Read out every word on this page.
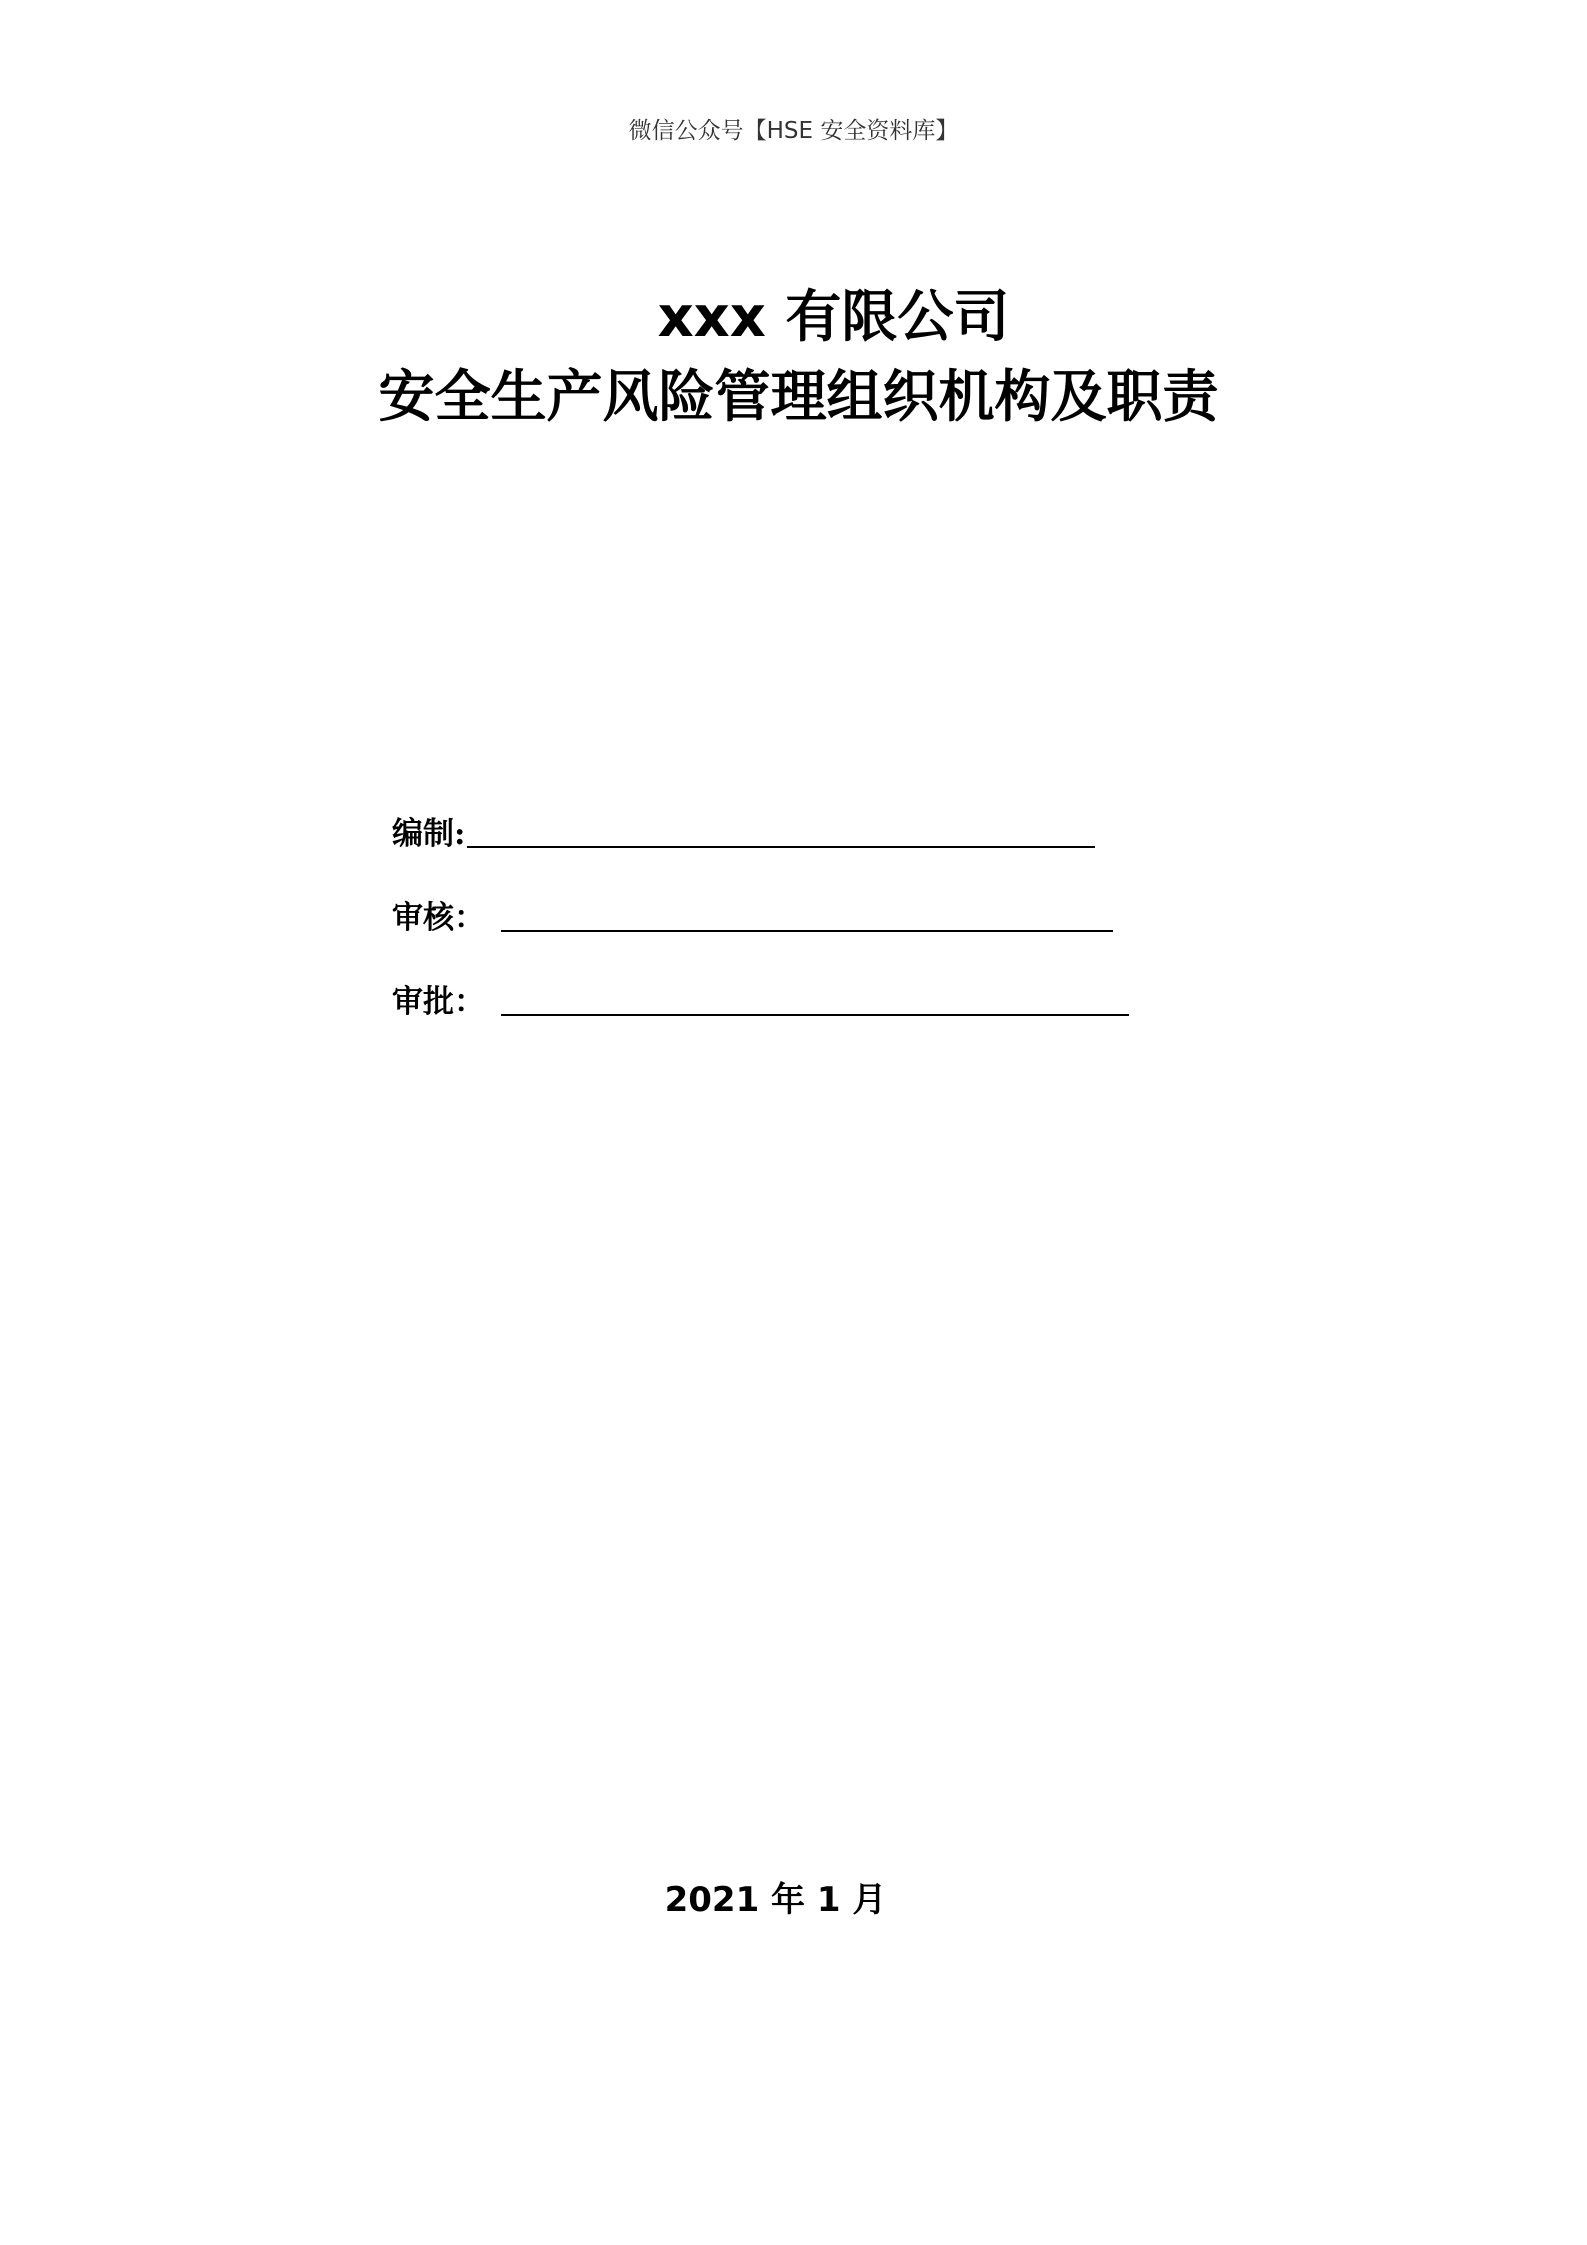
微信公众号【HSE 安全资料库】
xxx 有限公司
安全生产风险管理组织机构及职责
编制:
审核：
审批：
2021 年 1 月
